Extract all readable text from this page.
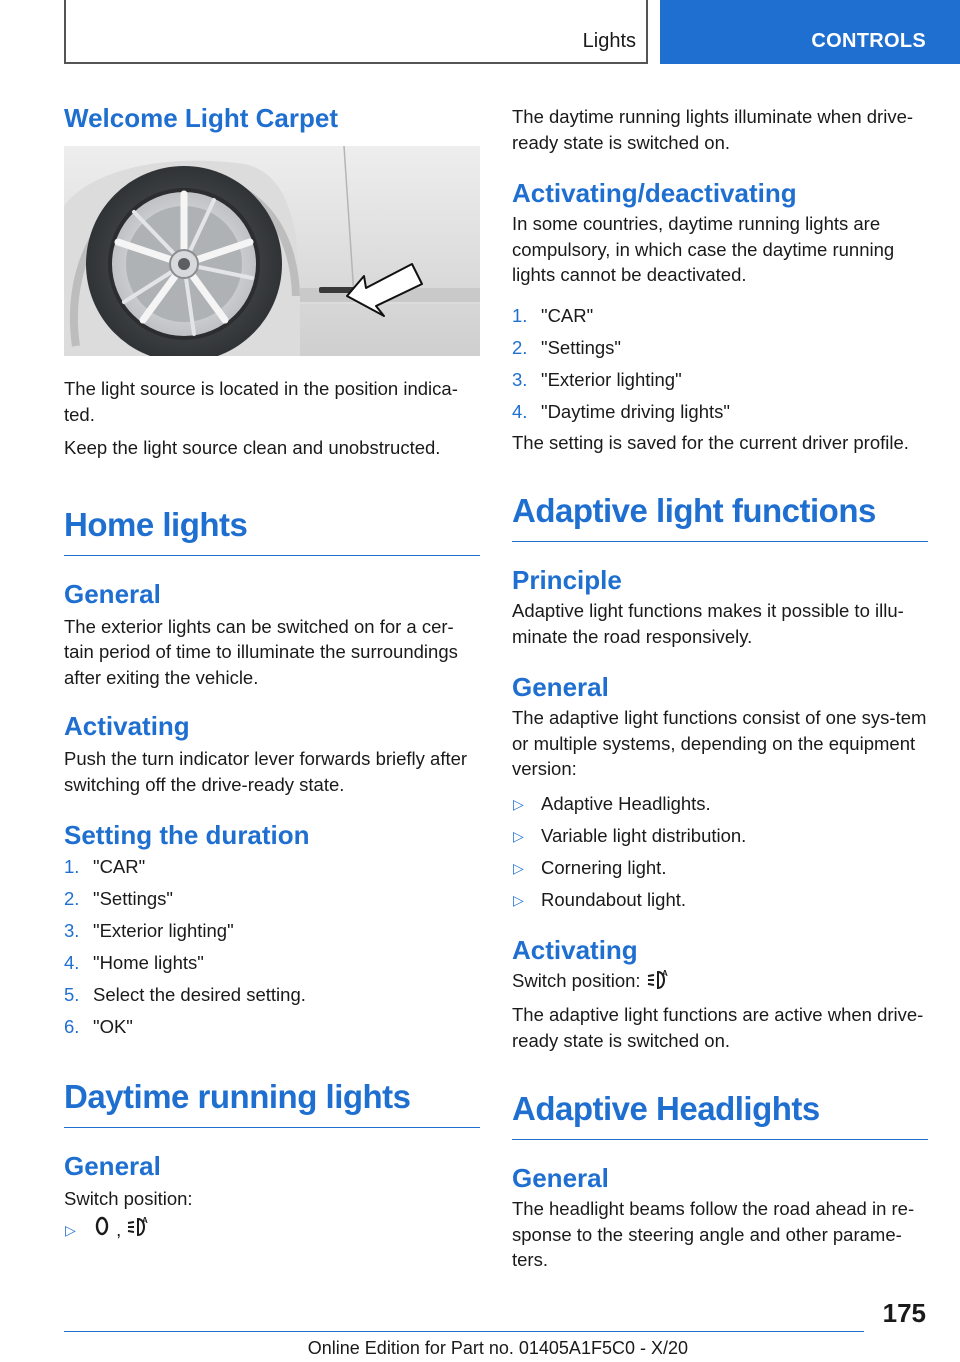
Lights	CONTROLS
Welcome Light Carpet

The light source is located in the position indica-ted.

Keep the light source clean and unobstructed.

Home lights
General

The exterior lights can be switched on for a cer-tain period of time to illuminate the surroundings after exiting the vehicle.

Activating

Push the turn indicator lever forwards briefly after switching off the drive-ready state.

Setting the duration
1. "CAR"
2. "Settings"
3. "Exterior lighting"
4. "Home lights"
5. Select the desired setting.
6. "OK"
Daytime running lights
General

Switch position:

▷ ,	A

The daytime running lights illuminate when drive-ready state is switched on.

Activating/deactivating

In some countries, daytime running lights are compulsory, in which case the daytime running lights cannot be deactivated.

1. "CAR"
2. "Settings"
3. "Exterior lighting"
4. "Daytime driving lights"

The setting is saved for the current driver profile.

Adaptive light functions
Principle

Adaptive light functions makes it possible to illu-minate the road responsively.

General

The adaptive light functions consist of one sys-tem or multiple systems, depending on the equipment version:

▷ Adaptive Headlights.
▷ Variable light distribution.
▷ Cornering light.
▷ Roundabout light.
Activating

Switch position:	A

The adaptive light functions are active when drive-ready state is switched on.

Adaptive Headlights
General

The headlight beams follow the road ahead in re-sponse to the steering angle and other parame-ters.

175
Online Edition for Part no. 01405A1F5C0 - X/20
